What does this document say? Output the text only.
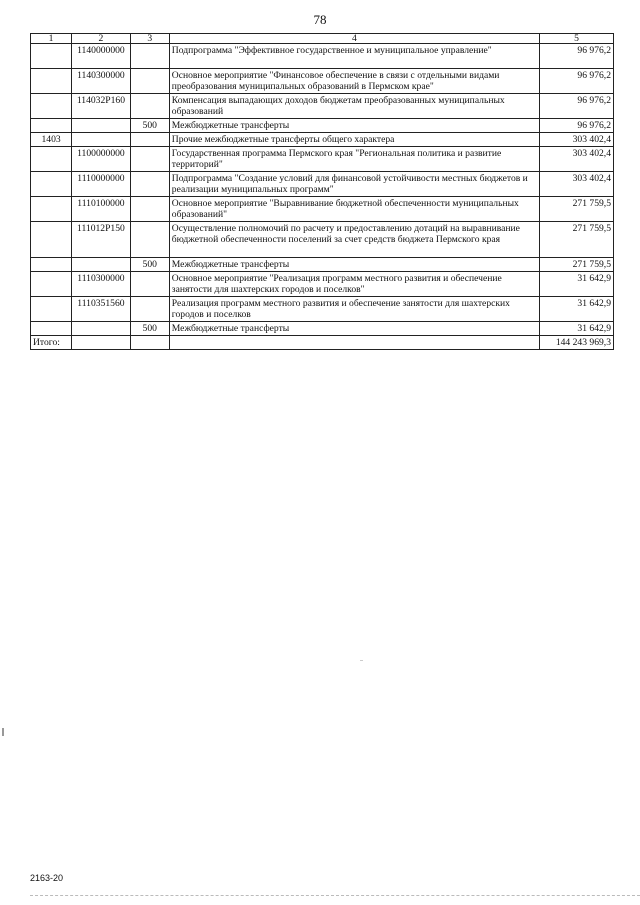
78
1	2	3	4	5
	1140000000		Подпрограмма "Эффективное государственное и муниципальное управление"	96 976,2
	1140300000		Основное мероприятие "Финансовое обеспечение в связи с отдельными видами преобразования муниципальных образований в Пермском крае"	96 976,2
	114032P160		Компенсация выпадающих доходов бюджетам преобразованных муниципальных образований	96 976,2
		500	Межбюджетные трансферты	96 976,2
1403			Прочие межбюджетные трансферты общего характера	303 402,4
	1100000000		Государственная программа Пермского края "Региональная политика и развитие территорий"	303 402,4
	1110000000		Подпрограмма "Создание условий для финансовой устойчивости местных бюджетов и реализации муниципальных программ"	303 402,4
	1110100000		Основное мероприятие "Выравнивание бюджетной обеспеченности муниципальных образований"	271 759,5
	111012P150		Осуществление полномочий по расчету и предоставлению дотаций на выравнивание бюджетной обеспеченности поселений за счет средств бюджета Пермского края	271 759,5
		500	Межбюджетные трансферты	271 759,5
	1110300000		Основное мероприятие "Реализация программ местного развития и обеспечение занятости для шахтерских городов и поселков"	31 642,9
	1110351560		Реализация программ местного развития и обеспечение занятости для шахтерских городов и поселков	31 642,9
		500	Межбюджетные трансферты	31 642,9
Итого:				144 243 969,3
2163-20
